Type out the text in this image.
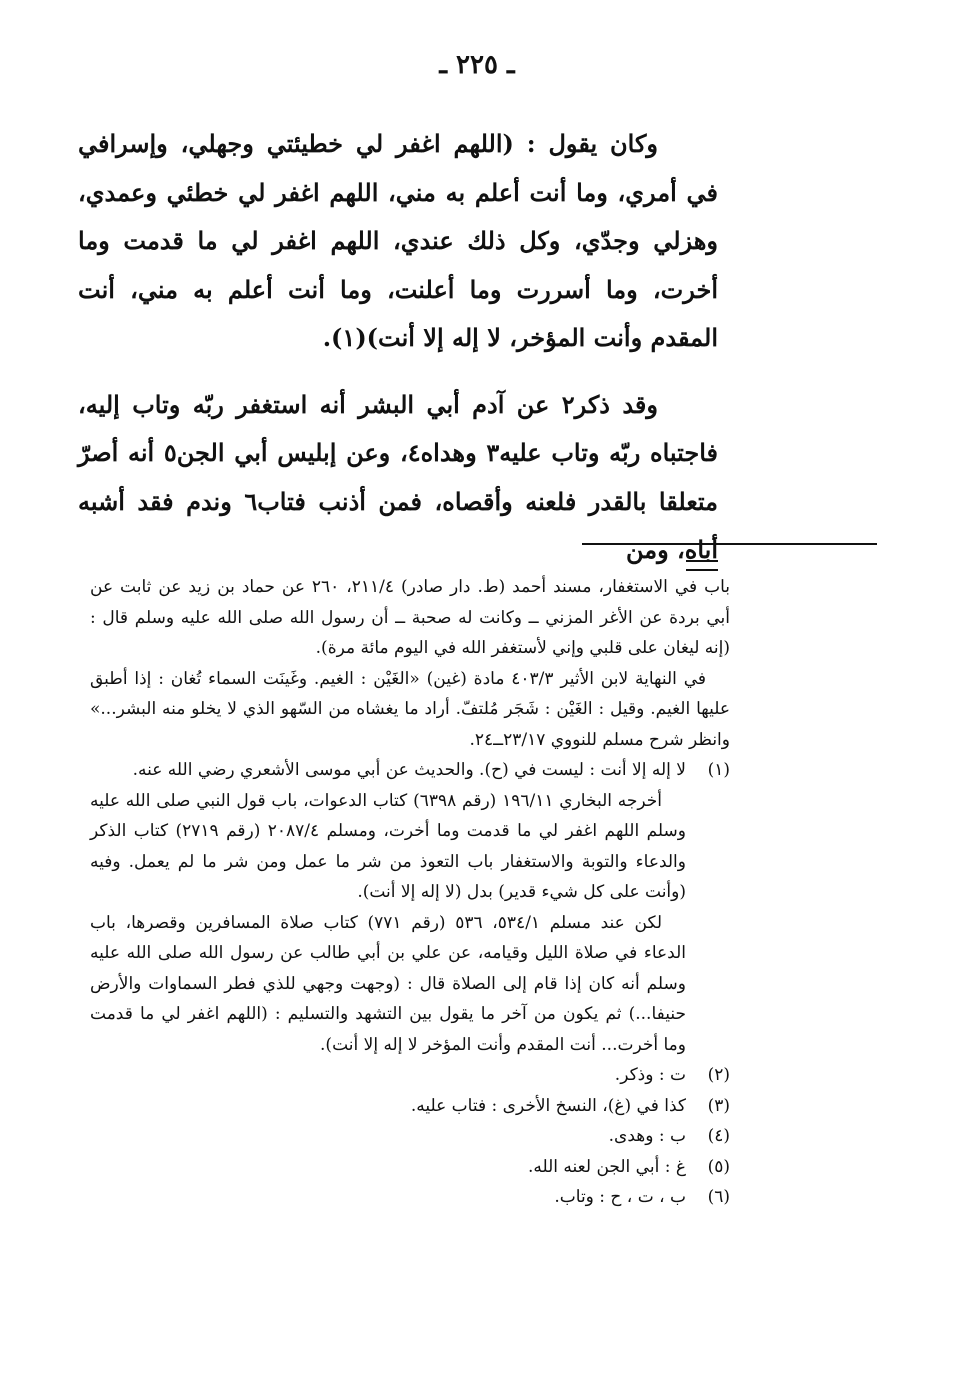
ـ ٢٢٥ ـ

وكان يقول : (اللهم اغفر لي خطيئتي وجهلي، وإسرافي في أمري، وما أنت أعلم به مني، اللهم اغفر لي خطئي وعمدي، وهزلي وجدّي، وكل ذلك عندي، اللهم اغفر لي ما قدمت وما أخرت، وما أسررت وما أعلنت، وما أنت أعلم به مني، أنت المقدم وأنت المؤخر، لا إله إلا أنت)(١).

وقد ذكر٢ عن آدم أبي البشر أنه استغفر ربّه وتاب إليه، فاجتباه ربّه وتاب عليه٣ وهداه٤، وعن إبليس أبي الجن٥ أنه أصرّ متعلقا بالقدر فلعنه وأقصاه، فمن أذنب فتاب٦ وندم فقد أشبه أباه، ومن

باب في الاستغفار، مسند أحمد (ط. دار صادر) ٢١١/٤، ٢٦٠ عن حماد بن زيد عن ثابت عن أبي بردة عن الأغر المزني ــ وكانت له صحبة ــ أن رسول الله صلى الله عليه وسلم قال : (إنه ليغان على قلبي وإني لأستغفر الله في اليوم مائة مرة).

في النهاية لابن الأثير ٤٠٣/٣ مادة (غين) «الغَيْن : الغيم. وغَينَت السماء تُغان : إذا أطبق عليها الغيم. وقيل : الغَيْن : شَجَر مُلتفّ. أراد ما يغشاه من السّهو الذي لا يخلو منه البشر...» وانظر شرح مسلم للنووي ٢٣/١٧ــ٢٤.

(١)

لا إله إلا أنت : ليست في (ح). والحديث عن أبي موسى الأشعري رضي الله عنه.

أخرجه البخاري ١٩٦/١١ (رقم ٦٣٩٨) كتاب الدعوات، باب قول النبي صلى الله عليه وسلم اللهم اغفر لي ما قدمت وما أخرت، ومسلم ٢٠٨٧/٤ (رقم ٢٧١٩) كتاب الذكر والدعاء والتوبة والاستغفار باب التعوذ من شر ما عمل ومن شر ما لم يعمل. وفيه (وأنت على كل شيء قدير) بدل (لا إله إلا أنت).

لكن عند مسلم ٥٣٤/١، ٥٣٦ (رقم ٧٧١) كتاب صلاة المسافرين وقصرها، باب الدعاء في صلاة الليل وقيامه، عن علي بن أبي طالب عن رسول الله صلى الله عليه وسلم أنه كان إذا قام إلى الصلاة قال : (وجهت وجهي للذي فطر السماوات والأرض حنيفا...) ثم يكون من آخر ما يقول بين التشهد والتسليم : (اللهم اغفر لي ما قدمت وما أخرت... أنت المقدم وأنت المؤخر لا إله إلا أنت).

(٢)

ت : وذكر.

(٣)

كذا في (غ)، النسخ الأخرى : فتاب عليه.

(٤)

ب : وهدى.

(٥)

غ : أبي الجن لعنه الله.

(٦)

ب ، ت ، ح : وتاب.
